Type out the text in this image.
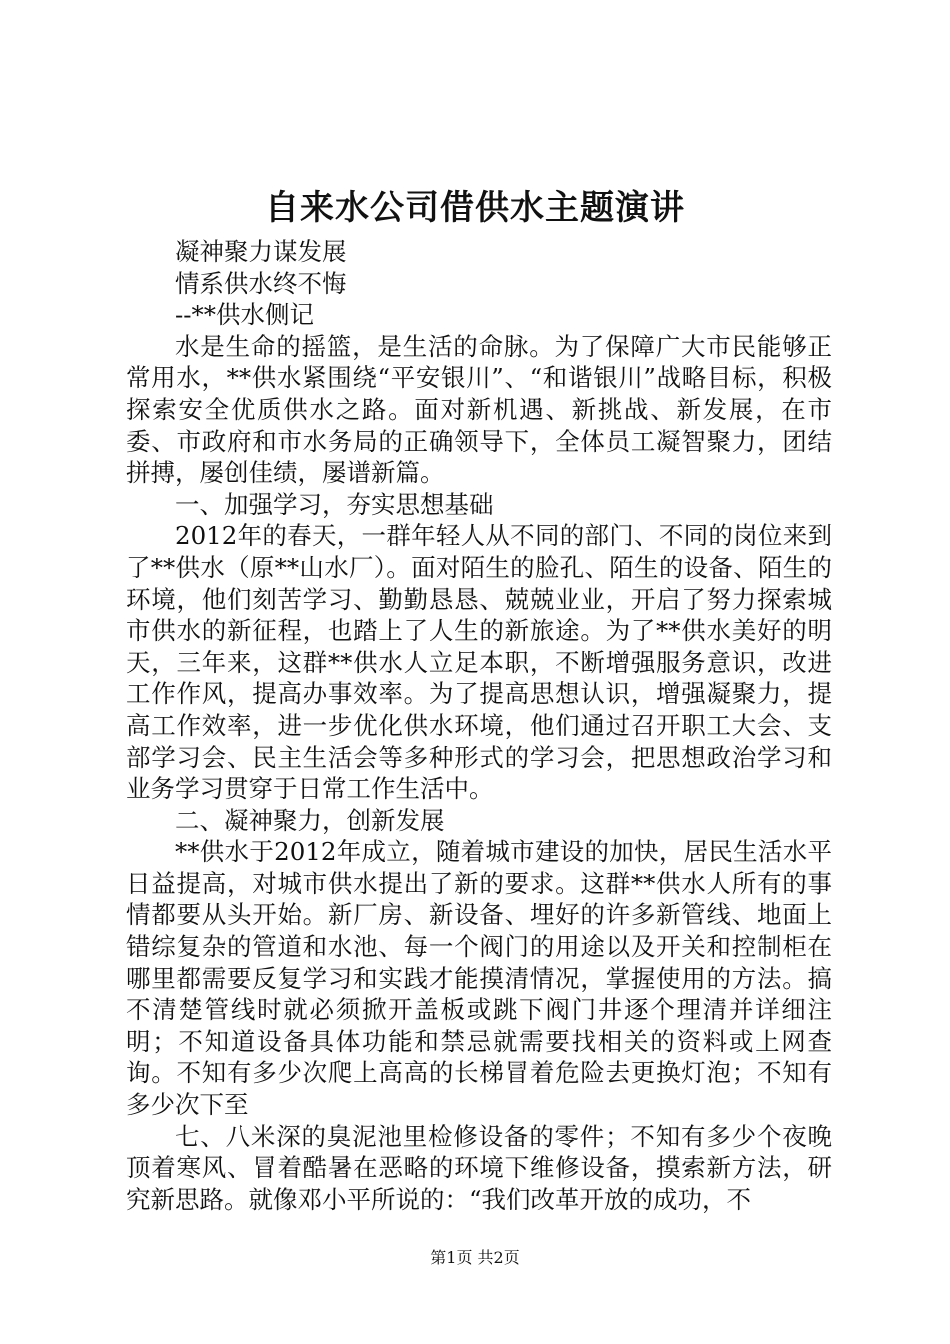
自来水公司借供水主题演讲

凝神聚力谋发展

情系供水终不悔

--**供水侧记

水是生命的摇篮，是生活的命脉。为了保障广大市民能够正常用水，**供水紧围绕“平安银川”、“和谐银川”战略目标，积极探索安全优质供水之路。面对新机遇、新挑战、新发展，在市委、市政府和市水务局的正确领导下，全体员工凝智聚力，团结拼搏，屡创佳绩，屡谱新篇。

一、加强学习，夯实思想基础

2012年的春天，一群年轻人从不同的部门、不同的岗位来到了**供水（原**山水厂）。面对陌生的脸孔、陌生的设备、陌生的环境，他们刻苦学习、勤勤恳恳、兢兢业业，开启了努力探索城市供水的新征程，也踏上了人生的新旅途。为了**供水美好的明天，三年来，这群**供水人立足本职，不断增强服务意识，改进工作作风，提高办事效率。为了提高思想认识，增强凝聚力，提高工作效率，进一步优化供水环境，他们通过召开职工大会、支部学习会、民主生活会等多种形式的学习会，把思想政治学习和业务学习贯穿于日常工作生活中。

二、凝神聚力，创新发展

**供水于2012年成立，随着城市建设的加快，居民生活水平日益提高，对城市供水提出了新的要求。这群**供水人所有的事情都要从头开始。新厂房、新设备、埋好的许多新管线、地面上错综复杂的管道和水池、每一个阀门的用途以及开关和控制柜在哪里都需要反复学习和实践才能摸清情况，掌握使用的方法。搞不清楚管线时就必须掀开盖板或跳下阀门井逐个理清并详细注明；不知道设备具体功能和禁忌就需要找相关的资料或上网查询。不知有多少次爬上高高的长梯冒着危险去更换灯泡；不知有多少次下至

七、八米深的臭泥池里检修设备的零件；不知有多少个夜晚顶着寒风、冒着酷暑在恶略的环境下维修设备，摸索新方法，研究新思路。就像邓小平所说的：“我们改革开放的成功，不

第1页 共2页
